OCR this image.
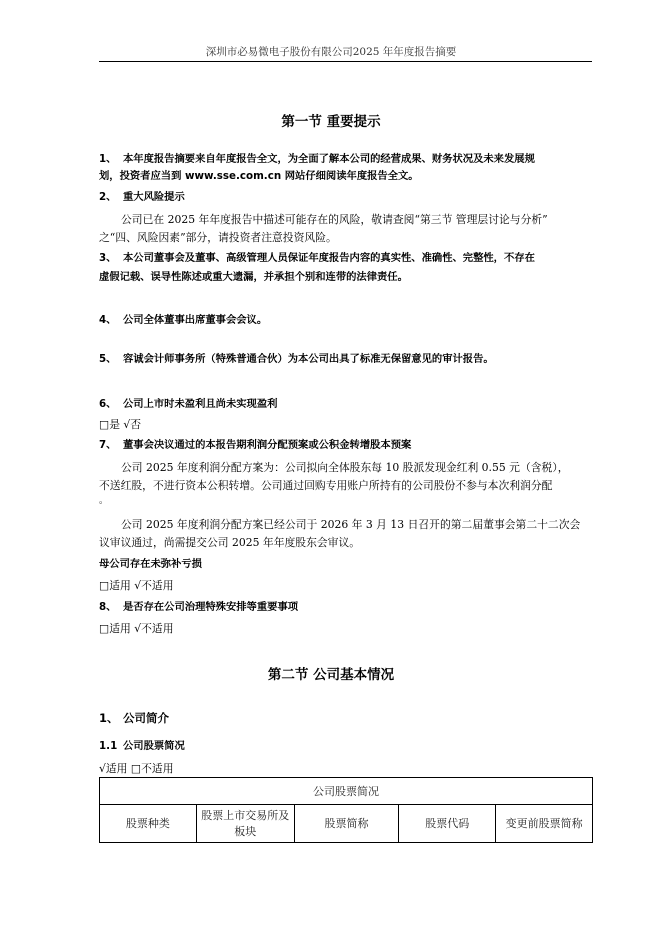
深圳市必易微电子股份有限公司2025 年年度报告摘要
第一节 重要提示
1、 本年度报告摘要来自年度报告全文，为全面了解本公司的经营成果、财务状况及未来发展规
划，投资者应当到 www.sse.com.cn 网站仔细阅读年度报告全文。
2、 重大风险提示
公司已在 2025 年年度报告中描述可能存在的风险，敬请查阅“第三节 管理层讨论与分析”
之“四、风险因素”部分，请投资者注意投资风险。
3、 本公司董事会及董事、高级管理人员保证年度报告内容的真实性、准确性、完整性，不存在
虚假记载、误导性陈述或重大遗漏，并承担个别和连带的法律责任。
4、 公司全体董事出席董事会会议。
5、 容诚会计师事务所（特殊普通合伙）为本公司出具了标准无保留意见的审计报告。
6、 公司上市时未盈利且尚未实现盈利
□是 √否
7、 董事会决议通过的本报告期利润分配预案或公积金转增股本预案
公司 2025 年度利润分配方案为：公司拟向全体股东每 10 股派发现金红利 0.55 元（含税），
不送红股，不进行资本公积转增。公司通过回购专用账户所持有的公司股份不参与本次利润分配
。
公司 2025 年度利润分配方案已经公司于 2026 年 3 月 13 日召开的第二届董事会第二十二次会
议审议通过，尚需提交公司 2025 年年度股东会审议。
母公司存在未弥补亏损
□适用 √不适用
8、 是否存在公司治理特殊安排等重要事项
□适用 √不适用
第二节 公司基本情况
1、 公司简介
1.1 公司股票简况
√适用 □不适用
公司股票简况
股票种类	股票上市交易所及板块	股票简称	股票代码	变更前股票简称
